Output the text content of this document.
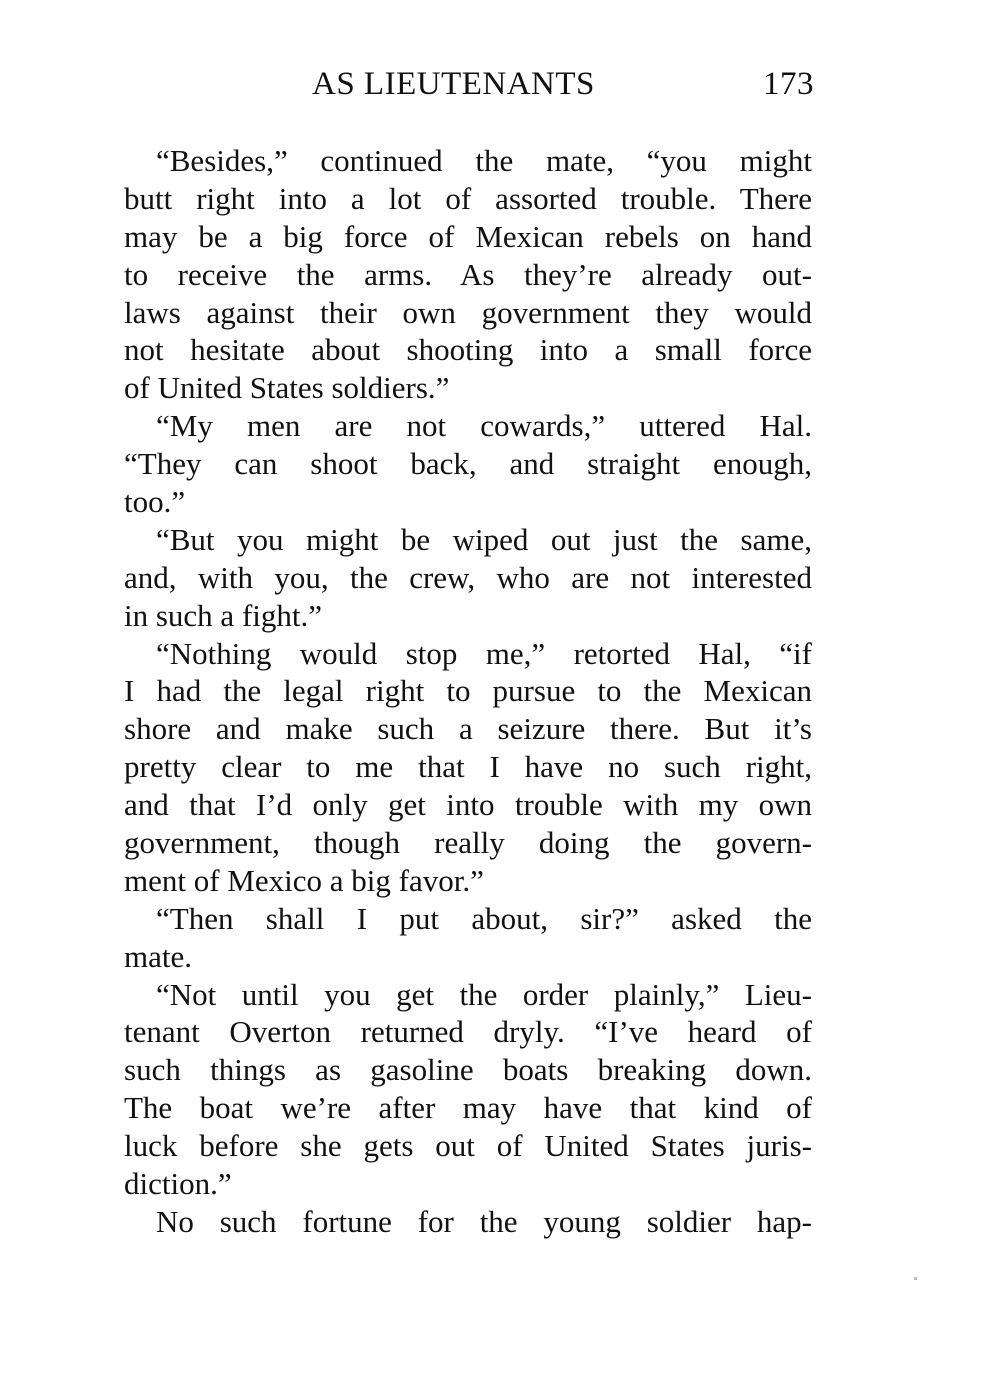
AS LIEUTENANTS	173
“Besides,” continued the mate, “you might
butt right into a lot of assorted trouble. There
may be a big force of Mexican rebels on hand
to receive the arms. As they’re already out-
laws against their own government they would
not hesitate about shooting into a small force
of United States soldiers.”
“My men are not cowards,” uttered Hal.
“They can shoot back, and straight enough,
too.”
“But you might be wiped out just the same,
and, with you, the crew, who are not interested
in such a fight.”
“Nothing would stop me,” retorted Hal, “if
I had the legal right to pursue to the Mexican
shore and make such a seizure there. But it’s
pretty clear to me that I have no such right,
and that I’d only get into trouble with my own
government, though really doing the govern-
ment of Mexico a big favor.”
“Then shall I put about, sir?” asked the
mate.
“Not until you get the order plainly,” Lieu-
tenant Overton returned dryly. “I’ve heard of
such things as gasoline boats breaking down.
The boat we’re after may have that kind of
luck before she gets out of United States juris-
diction.”
No such fortune for the young soldier hap-
